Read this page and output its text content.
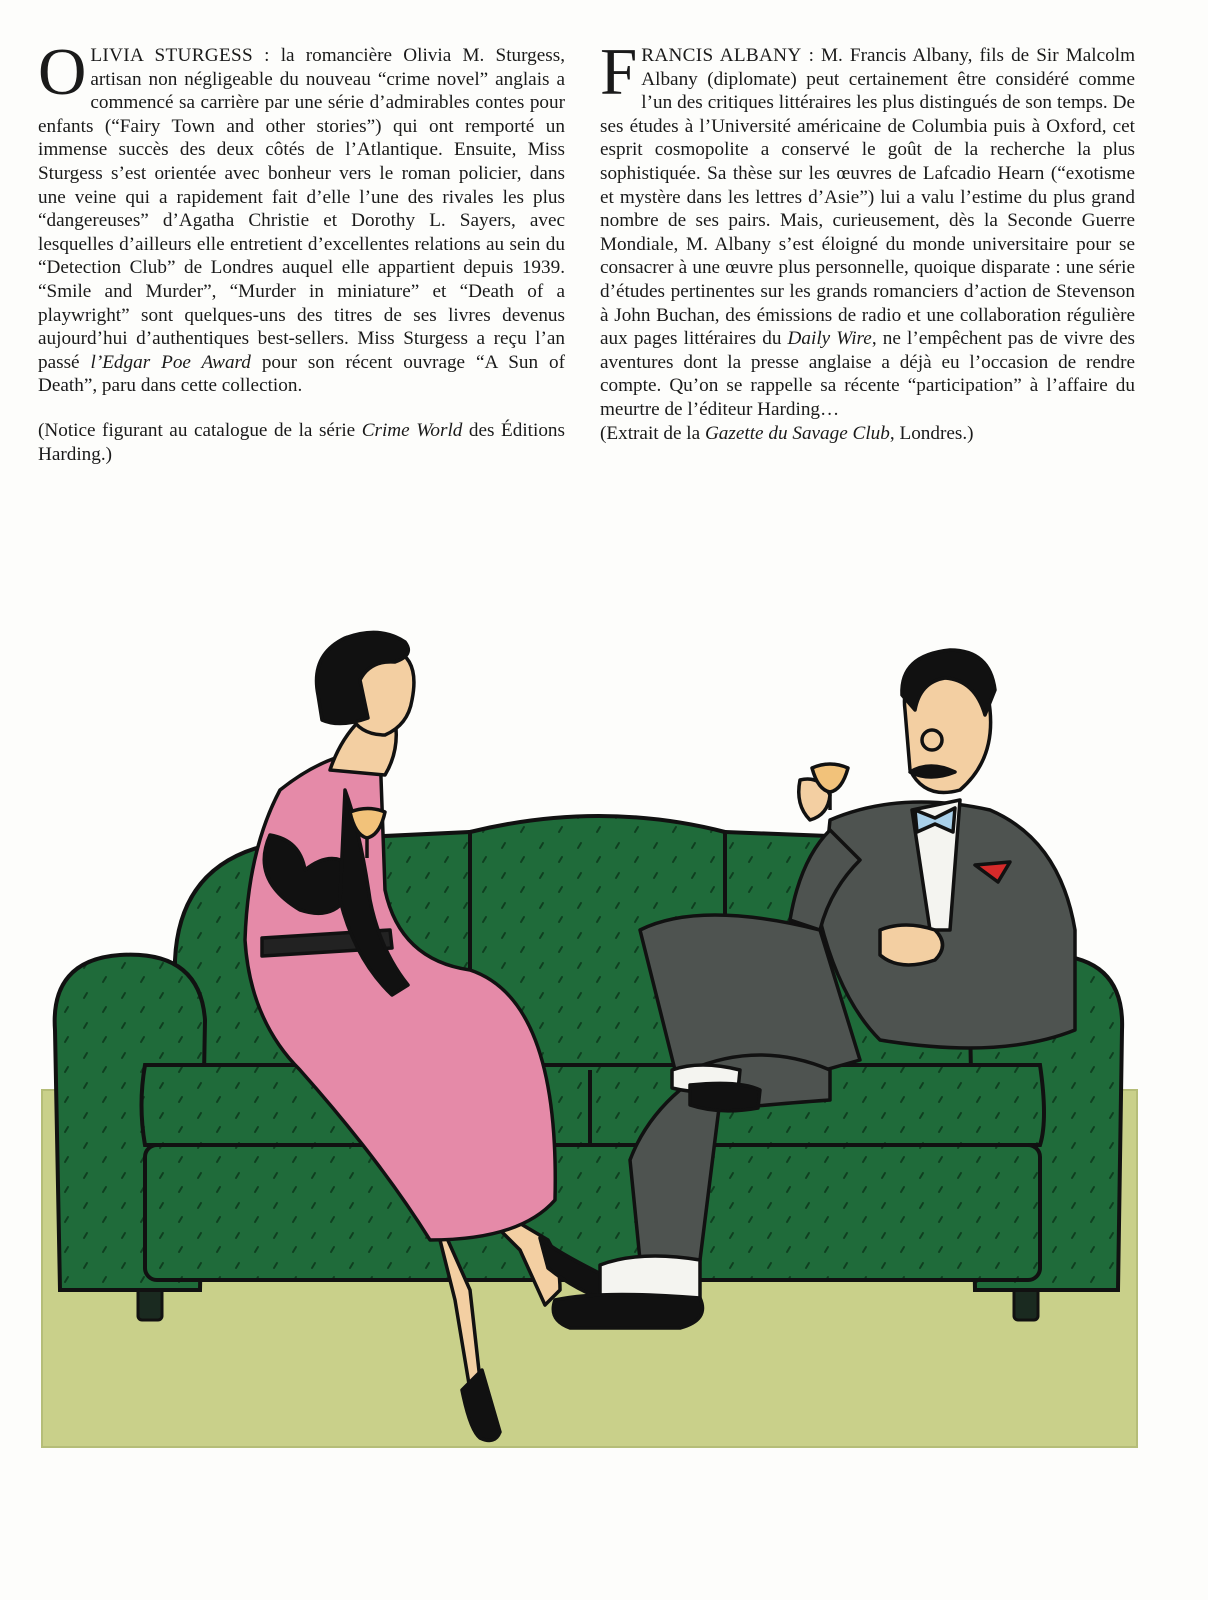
OLIVIA STURGESS : la romancière Olivia M. Sturgess, artisan non négligeable du nouveau “crime novel” anglais a commencé sa carrière par une série d’admirables contes pour enfants (“Fairy Town and other stories”) qui ont remporté un immense succès des deux côtés de l’Atlantique. Ensuite, Miss Sturgess s’est orientée avec bonheur vers le roman policier, dans une veine qui a rapidement fait d’elle l’une des rivales les plus “dangereuses” d’Agatha Christie et Dorothy L. Sayers, avec lesquelles d’ailleurs elle entretient d’excellentes relations au sein du “Detection Club” de Londres auquel elle appartient depuis 1939. “Smile and Murder”, “Murder in miniature” et “Death of a playwright” sont quelques-uns des titres de ses livres devenus aujourd’hui d’authentiques best-sellers. Miss Sturgess a reçu l’an passé l’Edgar Poe Award pour son récent ouvrage “A Sun of Death”, paru dans cette collection.

(Notice figurant au catalogue de la série Crime World des Éditions Harding.)

FRANCIS ALBANY : M. Francis Albany, fils de Sir Malcolm Albany (diplomate) peut certainement être considéré comme l’un des critiques littéraires les plus distingués de son temps. De ses études à l’Université américaine de Columbia puis à Oxford, cet esprit cosmopolite a conservé le goût de la recherche la plus sophistiquée. Sa thèse sur les œuvres de Lafcadio Hearn (“exotisme et mystère dans les lettres d’Asie”) lui a valu l’estime du plus grand nombre de ses pairs. Mais, curieusement, dès la Seconde Guerre Mondiale, M. Albany s’est éloigné du monde universitaire pour se consacrer à une œuvre plus personnelle, quoique disparate : une série d’études pertinentes sur les grands romanciers d’action de Stevenson à John Buchan, des émissions de radio et une collaboration régulière aux pages littéraires du Daily Wire, ne l’empêchent pas de vivre des aventures dont la presse anglaise a déjà eu l’occasion de rendre compte. Qu’on se rappelle sa récente “participation” à l’affaire du meurtre de l’éditeur Harding…

(Extrait de la Gazette du Savage Club, Londres.)
